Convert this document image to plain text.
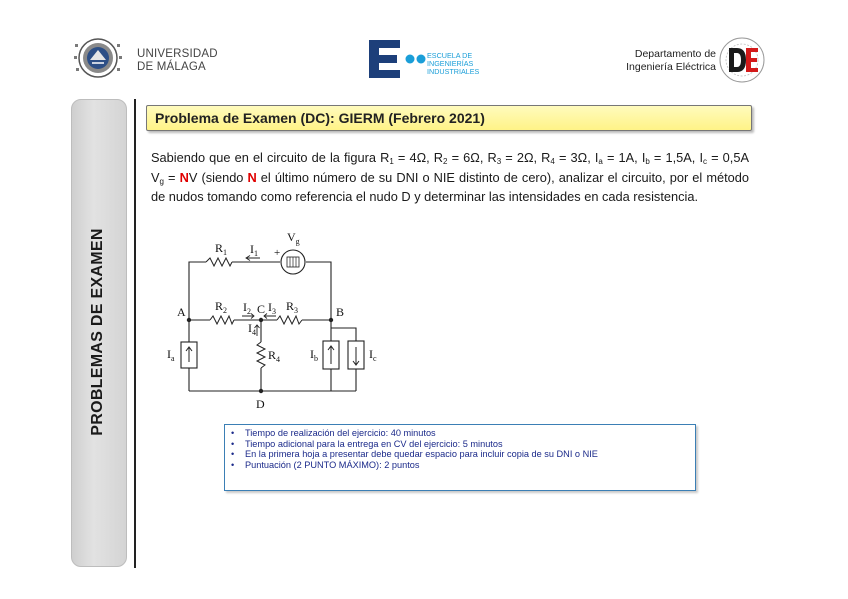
UNIVERSIDAD
DE MÁLAGA
ESCUELA DE
INGENIERÍAS
INDUSTRIALES
Departamento de
Ingeniería Eléctrica
PROBLEMAS DE EXAMEN
Problema de Examen (DC): GIERM (Febrero 2021)
Sabiendo que en el circuito de la figura $R_1 = 4\Omega$, $R_2 = 6\Omega$, $R_3 = 2\Omega$, $R_4 = 3\Omega$, $I_a = 1A$, $I_b = 1,5A$, $I_c = 0,5A$ $V_g$ = NV (siendo N el último número de su DNI o NIE distinto de cero), analizar el circuito, por el método de nudos tomando como referencia el nudo D y determinar las intensidades en cada resistencia.
A	B
C
D
$R_1$ $I_1$ +
$V_g$
$R_2$ $I_2$ $I_3$ $R_3$
$I_4$
$R_4$
$I_a$	$I_b$	$I_c$
• Tiempo de realización del ejercicio: 40 minutos
• Tiempo adicional para la entrega en CV del ejercicio: 5 minutos
• En la primera hoja a presentar debe quedar espacio para incluir copia de su DNI o NIE
• Puntuación (2 PUNTO MÁXIMO): 2 puntos
